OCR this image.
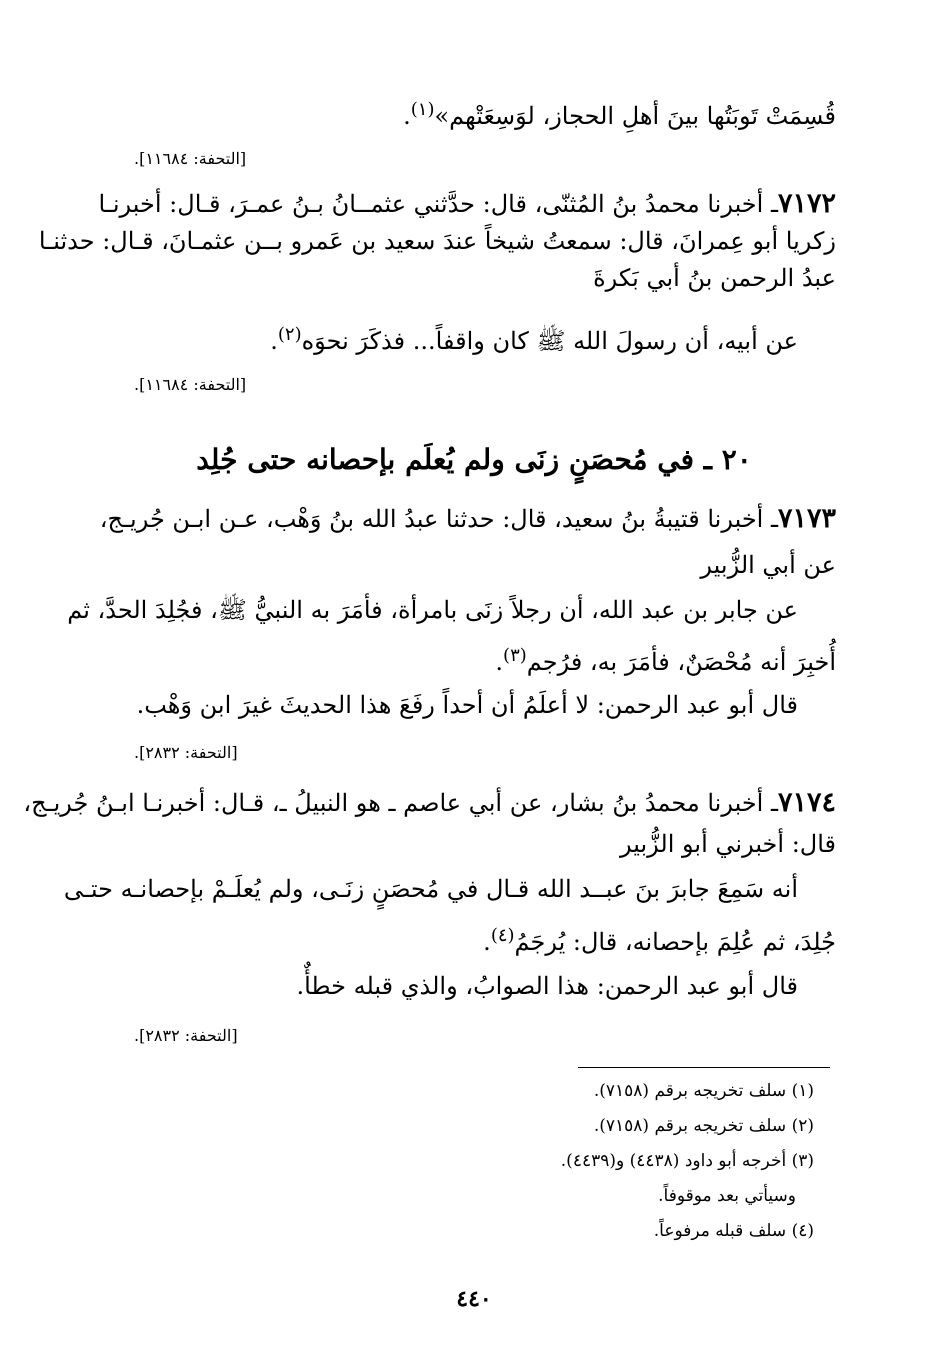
قُسِمَتْ تَوبَتُها بينَ أهلِ الحجاز، لوَسِعَتْهم»$^{(١)}$.
[التحفة: ١١٦٨٤].
٧١٧٢ـ أخبرنا محمدُ بنُ المُثنّى، قال: حدَّثني عثمــانُ بـنُ عمـرَ، قـال: أخبرنـا
زكريا أبو عِمرانَ، قال: سمعتُ شيخاً عندَ سعيد بن عَمرو بــن عثمـانَ، قـال: حدثنـا
عبدُ الرحمن بنُ أبي بَكرةَ
عن أبيه، أن رسولَ الله ﷺ كان واقفاً... فذكَرَ نحوَه$^{(٢)}$.
[التحفة: ١١٦٨٤].
٢٠ ـ في مُحصَنٍ زنَى ولم يُعلَم بإحصانه حتى جُلِد
٧١٧٣ـ أخبرنا قتيبةُ بنُ سعيد، قال: حدثنا عبدُ الله بنُ وَهْب، عـن ابـن جُريـج،
عن أبي الزُّبير
عن جابر بن عبد الله، أن رجلاً زنَى بامرأة، فأمَرَ به النبيُّ ﷺ، فجُلِدَ الحدَّ، ثم
أُخبِرَ أنه مُحْصَنٌ، فأمَرَ به، فرُجم$^{(٣)}$.
قال أبو عبد الرحمن: لا أعلَمُ أن أحداً رفَعَ هذا الحديثَ غيرَ ابن وَهْب.
[التحفة: ٢٨٣٢].
٧١٧٤ـ أخبرنا محمدُ بنُ بشار، عن أبي عاصم ـ هو النبيلُ ـ، قـال: أخبرنـا ابـنُ جُريـج،
قال: أخبرني أبو الزُّبير
أنه سَمِعَ جابرَ بنَ عبــد الله قـال في مُحصَنٍ زنَـى، ولم يُعلَـمْ بإحصانـه حتـى
جُلِدَ، ثم عُلِمَ بإحصانه، قال: يُرجَمُ$^{(٤)}$.
قال أبو عبد الرحمن: هذا الصوابُ، والذي قبله خطأٌ.
[التحفة: ٢٨٣٢].
(١) سلف تخريجه برقم (٧١٥٨).
(٢) سلف تخريجه برقم (٧١٥٨).
(٣) أخرجه أبو داود (٤٤٣٨) و(٤٤٣٩).
وسيأتي بعد موقوفاً.
(٤) سلف قبله مرفوعاً.
٤٤٠
